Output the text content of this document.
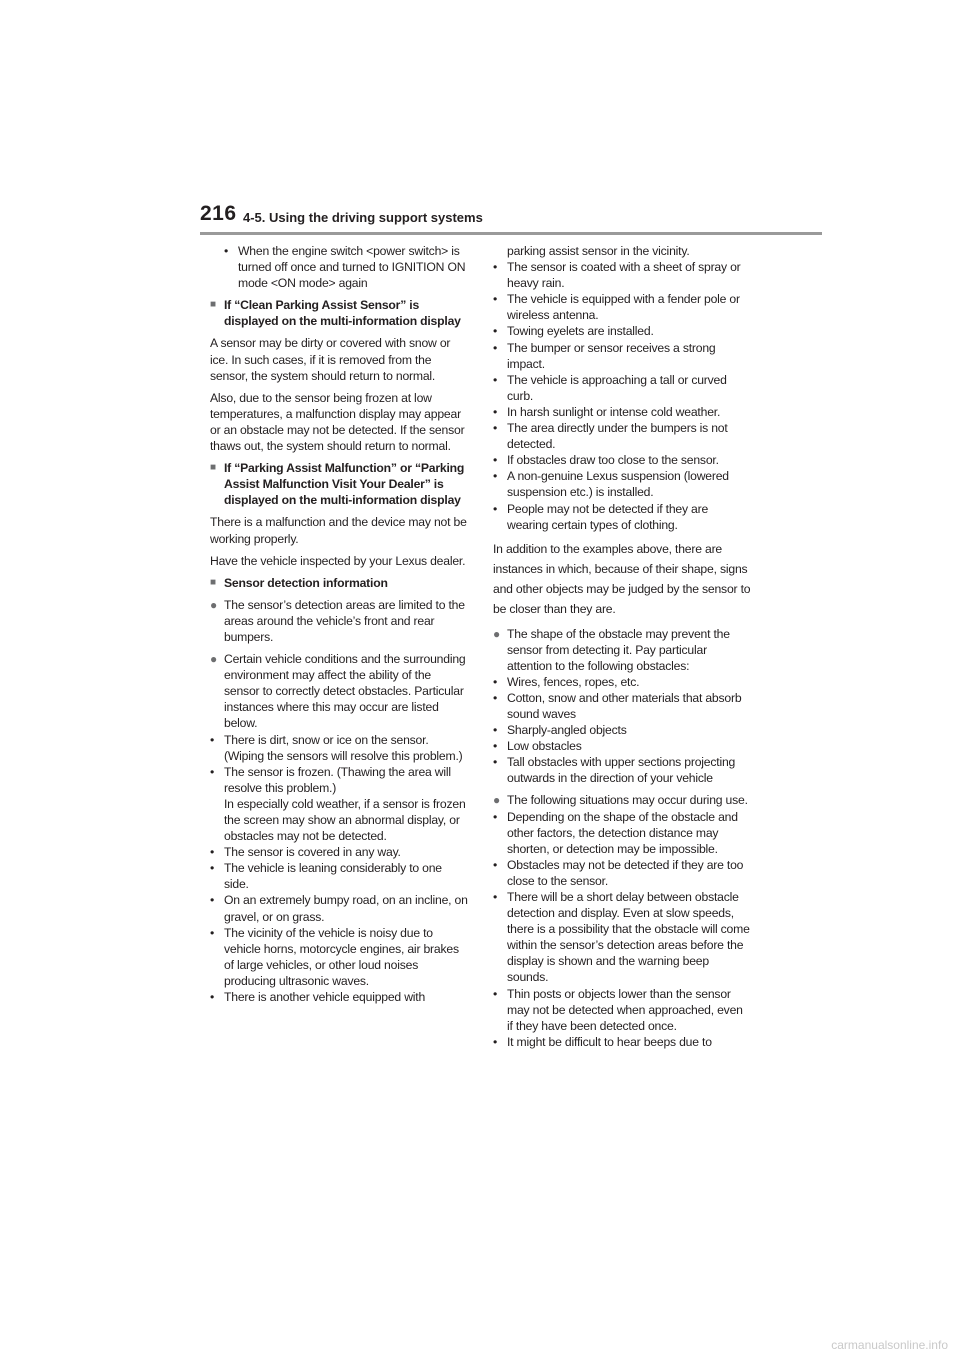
216 4-5. Using the driving support systems
• When the engine switch <power switch> is turned off once and turned to IGNITION ON mode <ON mode> again
■ If “Clean Parking Assist Sensor” is displayed on the multi-information display
A sensor may be dirty or covered with snow or ice. In such cases, if it is removed from the sensor, the system should return to normal.
Also, due to the sensor being frozen at low temperatures, a malfunction display may appear or an obstacle may not be detected. If the sensor thaws out, the system should return to normal.
■ If “Parking Assist Malfunction” or “Parking Assist Malfunction Visit Your Dealer” is displayed on the multi-information display
There is a malfunction and the device may not be working properly.
Have the vehicle inspected by your Lexus dealer.
■ Sensor detection information
● The sensor’s detection areas are limited to the areas around the vehicle’s front and rear bumpers.
● Certain vehicle conditions and the surrounding environment may affect the ability of the sensor to correctly detect obstacles. Particular instances where this may occur are listed below.
• There is dirt, snow or ice on the sensor. (Wiping the sensors will resolve this problem.)
• The sensor is frozen. (Thawing the area will resolve this problem.)
In especially cold weather, if a sensor is frozen the screen may show an abnormal display, or obstacles may not be detected.
• The sensor is covered in any way.
• The vehicle is leaning considerably to one side.
• On an extremely bumpy road, on an incline, on gravel, or on grass.
• The vicinity of the vehicle is noisy due to vehicle horns, motorcycle engines, air brakes of large vehicles, or other loud noises producing ultrasonic waves.
• There is another vehicle equipped with
parking assist sensor in the vicinity.
• The sensor is coated with a sheet of spray or heavy rain.
• The vehicle is equipped with a fender pole or wireless antenna.
• Towing eyelets are installed.
• The bumper or sensor receives a strong impact.
• The vehicle is approaching a tall or curved curb.
• In harsh sunlight or intense cold weather.
• The area directly under the bumpers is not detected.
• If obstacles draw too close to the sensor.
• A non-genuine Lexus suspension (lowered suspension etc.) is installed.
• People may not be detected if they are wearing certain types of clothing.
In addition to the examples above, there are instances in which, because of their shape, signs and other objects may be judged by the sensor to be closer than they are.
● The shape of the obstacle may prevent the sensor from detecting it. Pay particular attention to the following obstacles:
• Wires, fences, ropes, etc.
• Cotton, snow and other materials that absorb sound waves
• Sharply-angled objects
• Low obstacles
• Tall obstacles with upper sections projecting outwards in the direction of your vehicle
● The following situations may occur during use.
• Depending on the shape of the obstacle and other factors, the detection distance may shorten, or detection may be impossible.
• Obstacles may not be detected if they are too close to the sensor.
• There will be a short delay between obstacle detection and display. Even at slow speeds, there is a possibility that the obstacle will come within the sensor’s detection areas before the display is shown and the warning beep sounds.
• Thin posts or objects lower than the sensor may not be detected when approached, even if they have been detected once.
• It might be difficult to hear beeps due to
carmanualsonline.info
